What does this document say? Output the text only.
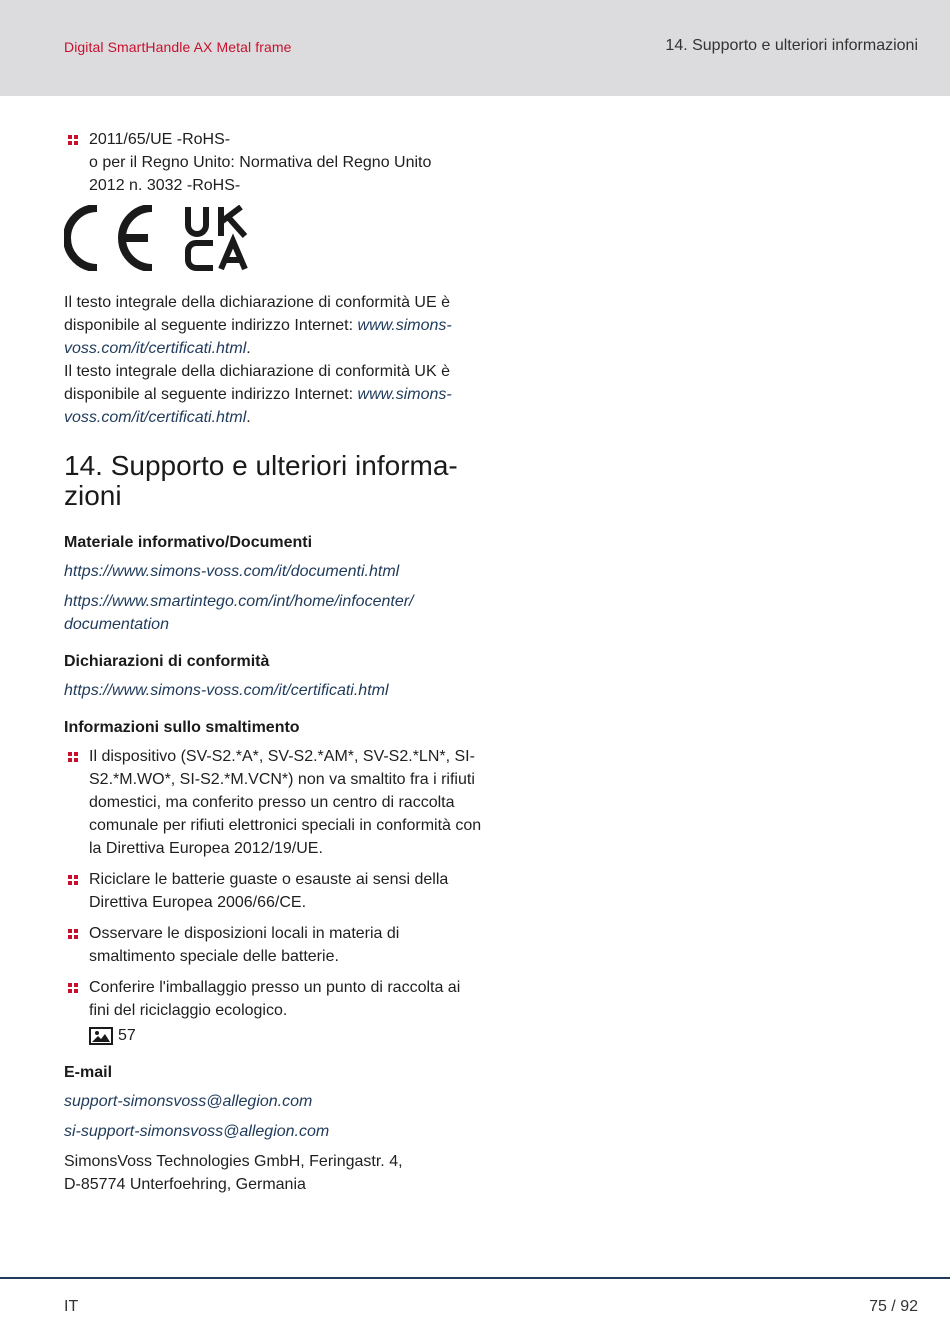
Digital SmartHandle AX Metal frame	14. Supporto e ulteriori informazioni
2011/65/UE -RoHS-
o per il Regno Unito: Normativa del Regno Unito
2012 n. 3032 -RoHS-

Il testo integrale della dichiarazione di conformità UE è disponibile al seguente indirizzo Internet: www.simons-voss.com/it/certificati.html.

Il testo integrale della dichiarazione di conformità UK è disponibile al seguente indirizzo Internet: www.simons-voss.com/it/certificati.html.

14. Supporto e ulteriori informa-
zioni
Materiale informativo/Documenti
https://www.simons-voss.com/it/documenti.html
https://www.smartintego.com/int/home/infocenter/
documentation
Dichiarazioni di conformità
https://www.simons-voss.com/it/certificati.html
Informazioni sullo smaltimento
Il dispositivo (SV-S2.*A*, SV-S2.*AM*, SV-S2.*LN*, SI-S2.*M.WO*, SI-S2.*M.VCN*) non va smaltito fra i rifiuti domestici, ma conferito presso un centro di raccolta comunale per rifiuti elettronici speciali in conformità con la Direttiva Europea 2012/19/UE.
Riciclare le batterie guaste o esauste ai sensi della Direttiva Europea 2006/66/CE.
Osservare le disposizioni locali in materia di smaltimento speciale delle batterie.
Conferire l'imballaggio presso un punto di raccolta ai fini del riciclaggio ecologico.
57
E-mail
support-simonsvoss@allegion.com
si-support-simonsvoss@allegion.com
SimonsVoss Technologies GmbH, Feringastr. 4,
D-85774 Unterfoehring, Germania
IT	75 / 92
